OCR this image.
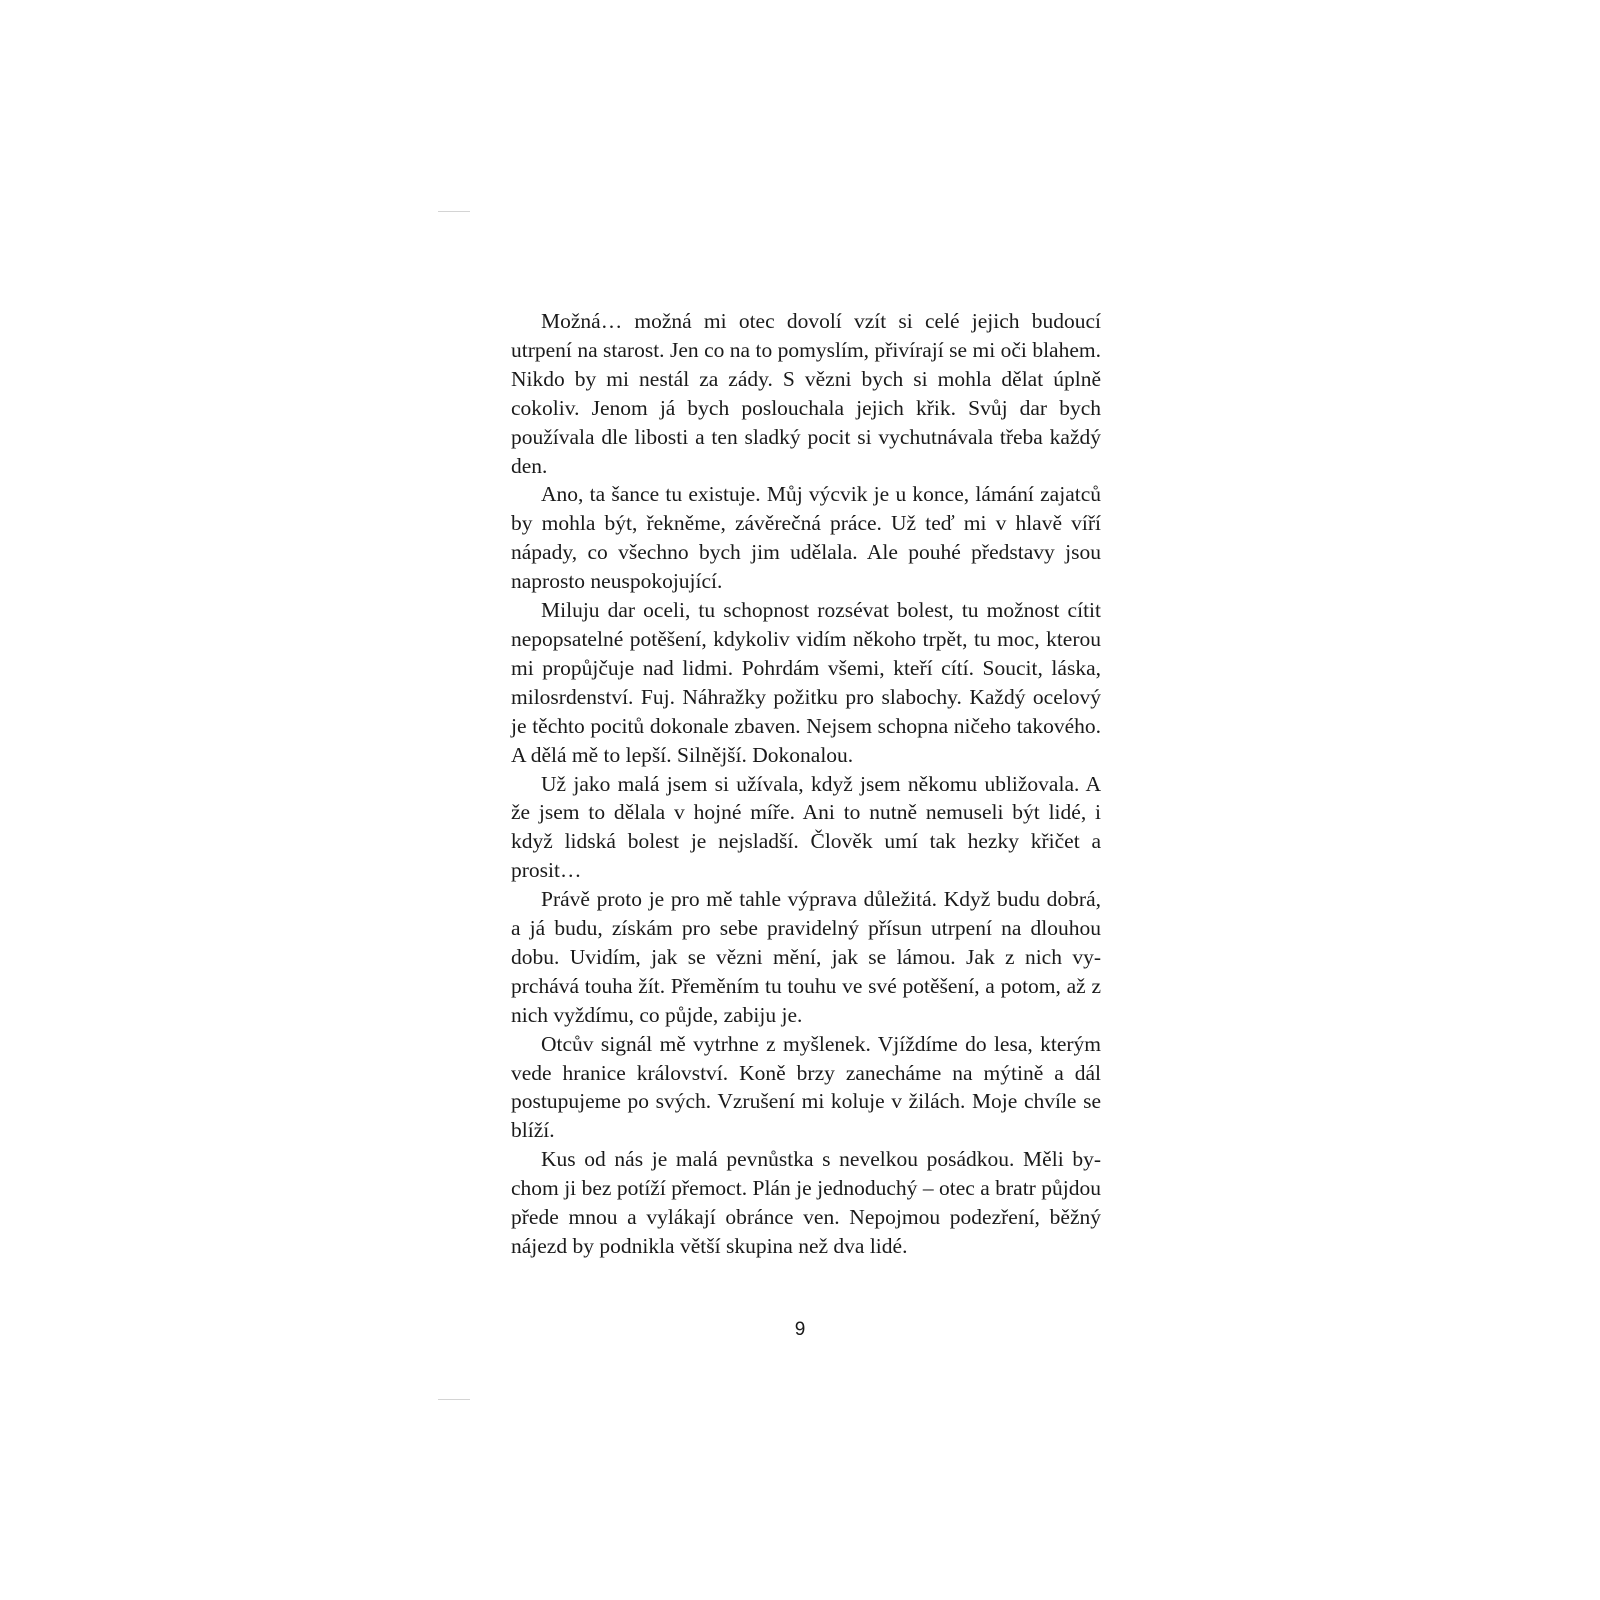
Možná… možná mi otec dovolí vzít si celé jejich budoucí utrpení na starost. Jen co na to pomyslím, přivírají se mi oči blahem. Nikdo by mi nestál za zády. S vězni bych si mohla dělat úplně cokoliv. Jenom já bych poslouchala jejich křik. Svůj dar bych používala dle libosti a ten sladký pocit si vychutnávala třeba každý den.

Ano, ta šance tu existuje. Můj výcvik je u konce, lámání zajatců by mohla být, řekněme, závěrečná práce. Už teď mi v hlavě víří nápady, co všechno bych jim udělala. Ale pouhé představy jsou naprosto neuspokojující.

Miluju dar oceli, tu schopnost rozsévat bolest, tu možnost cítit nepopsatelné potěšení, kdykoliv vidím někoho trpět, tu moc, kterou mi propůjčuje nad lidmi. Pohrdám všemi, kteří cítí. Soucit, láska, milosrdenství. Fuj. Náhražky požitku pro slabochy. Každý ocelový je těchto pocitů dokonale zbaven. Nejsem schopna ničeho takového. A dělá mě to lepší. Silnější. Dokonalou.

Už jako malá jsem si užívala, když jsem někomu ubližovala. A že jsem to dělala v hojné míře. Ani to nutně nemuseli být lidé, i když lidská bolest je nejsladší. Člověk umí tak hezky křičet a prosit…

Právě proto je pro mě tahle výprava důležitá. Když budu dobrá, a já budu, získám pro sebe pravidelný přísun utrpení na dlouhou dobu. Uvidím, jak se vězni mění, jak se lámou. Jak z nich vyprchává touha žít. Přeměním tu touhu ve své potěšení, a potom, až z nich vyždímu, co půjde, zabiju je.

Otcův signál mě vytrhne z myšlenek. Vjíždíme do lesa, kterým vede hranice království. Koně brzy zanecháme na mýtině a dál postupujeme po svých. Vzrušení mi koluje v žilách. Moje chvíle se blíží.

Kus od nás je malá pevnůstka s nevelkou posádkou. Měli bychom ji bez potíží přemoct. Plán je jednoduchý – otec a bratr půjdou přede mnou a vylákají obránce ven. Nepojmou podezření, běžný nájezd by podnikla větší skupina než dva lidé.

9
